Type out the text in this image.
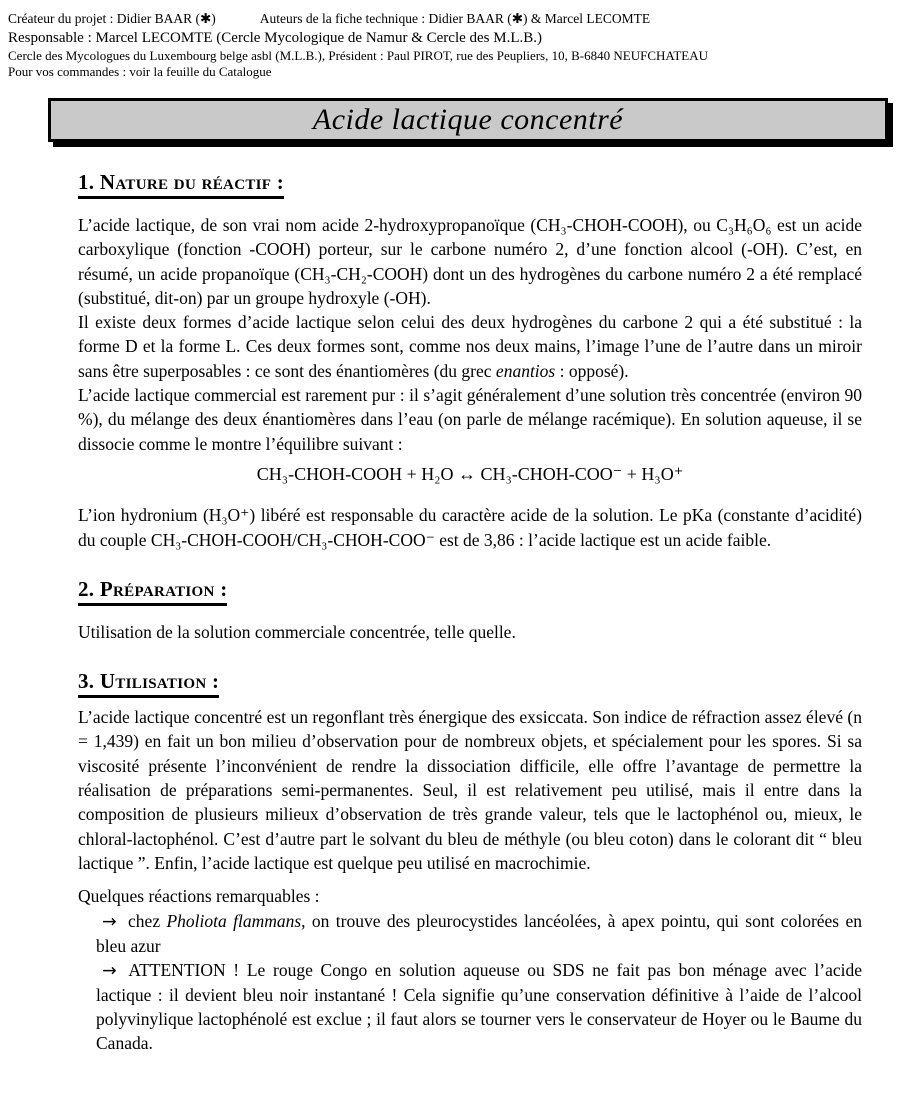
Créateur du projet : Didier BAAR (✱)	Auteurs de la fiche technique : Didier BAAR (✱) & Marcel LECOMTE
Responsable : Marcel LECOMTE (Cercle Mycologique de Namur & Cercle des M.L.B.)
Cercle des Mycologues du Luxembourg belge asbl (M.L.B.), Président : Paul PIROT, rue des Peupliers, 10, B-6840 NEUFCHATEAU
Pour vos commandes : voir la feuille du Catalogue
Acide lactique concentré
1. Nature du réactif :

L’acide lactique, de son vrai nom acide 2-hydroxypropanoïque (CH₃-CHOH-COOH), ou C₃H₆O₆ est un acide carboxylique (fonction -COOH) porteur, sur le carbone numéro 2, d’une fonction alcool (-OH). C’est, en résumé, un acide propanoïque (CH₃-CH₂-COOH) dont un des hydrogènes du carbone numéro 2 a été remplacé (substitué, dit-on) par un groupe hydroxyle (-OH).

Il existe deux formes d’acide lactique selon celui des deux hydrogènes du carbone 2 qui a été substitué : la forme D et la forme L. Ces deux formes sont, comme nos deux mains, l’image l’une de l’autre dans un miroir sans être superposables : ce sont des énantiomères (du grec enantios : opposé).

L’acide lactique commercial est rarement pur : il s’agit généralement d’une solution très concentrée (environ 90 %), du mélange des deux énantiomères dans l’eau (on parle de mélange racémique). En solution aqueuse, il se dissocie comme le montre l’équilibre suivant :

CH₃-CHOH-COOH + H₂O ↔ CH₃-CHOH-COO⁻ + H₃O⁺

L’ion hydronium (H₃O⁺) libéré est responsable du caractère acide de la solution. Le pKa (constante d’acidité) du couple CH₃-CHOH-COOH/CH₃-CHOH-COO⁻ est de 3,86 : l’acide lactique est un acide faible.

2. Préparation :

Utilisation de la solution commerciale concentrée, telle quelle.

3. Utilisation :

L’acide lactique concentré est un regonflant très énergique des exsiccata. Son indice de réfraction assez élevé (n = 1,439) en fait un bon milieu d’observation pour de nombreux objets, et spécialement pour les spores. Si sa viscosité présente l’inconvénient de rendre la dissociation difficile, elle offre l’avantage de permettre la réalisation de préparations semi-permanentes. Seul, il est relativement peu utilisé, mais il entre dans la composition de plusieurs milieux d’observation de très grande valeur, tels que le lactophénol ou, mieux, le chloral-lactophénol. C’est d’autre part le solvant du bleu de méthyle (ou bleu coton) dans le colorant dit “ bleu lactique ”. Enfin, l’acide lactique est quelque peu utilisé en macrochimie.

Quelques réactions remarquables :

→ chez Pholiota flammans, on trouve des pleurocystides lancéolées, à apex pointu, qui sont colorées en bleu azur
→ ATTENTION ! Le rouge Congo en solution aqueuse ou SDS ne fait pas bon ménage avec l’acide lactique : il devient bleu noir instantané ! Cela signifie qu’une conservation définitive à l’aide de l’alcool polyvinylique lactophénolé est exclue ; il faut alors se tourner vers le conservateur de Hoyer ou le Baume du Canada.
